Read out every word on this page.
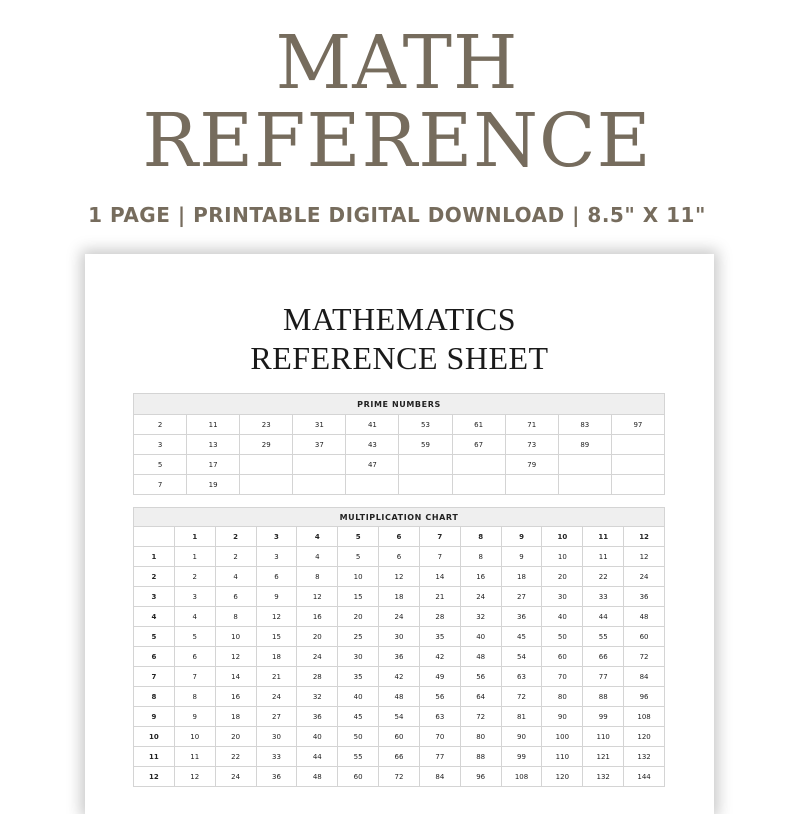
MATH
REFERENCE
1 PAGE | PRINTABLE DIGITAL DOWNLOAD | 8.5" X 11"
MATHEMATICS
REFERENCE SHEET
PRIME NUMBERS									
2	11	23	31	41	53	61	71	83	97
3	13	29	37	43	59	67	73	89	
5	17			47			79		
7	19								
MULTIPLICATION CHART												
	1	2	3	4	5	6	7	8	9	10	11	12
1	1	2	3	4	5	6	7	8	9	10	11	12
2	2	4	6	8	10	12	14	16	18	20	22	24
3	3	6	9	12	15	18	21	24	27	30	33	36
4	4	8	12	16	20	24	28	32	36	40	44	48
5	5	10	15	20	25	30	35	40	45	50	55	60
6	6	12	18	24	30	36	42	48	54	60	66	72
7	7	14	21	28	35	42	49	56	63	70	77	84
8	8	16	24	32	40	48	56	64	72	80	88	96
9	9	18	27	36	45	54	63	72	81	90	99	108
10	10	20	30	40	50	60	70	80	90	100	110	120
11	11	22	33	44	55	66	77	88	99	110	121	132
12	12	24	36	48	60	72	84	96	108	120	132	144
